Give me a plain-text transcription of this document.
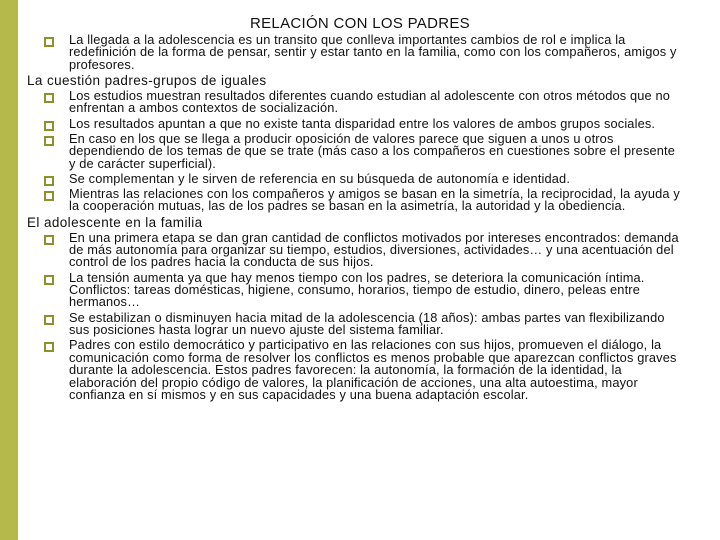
RELACIÓN CON LOS PADRES
La llegada a la adolescencia es un transito que conlleva importantes cambios de rol e implica la redefinición de la forma de pensar, sentir y estar tanto en la familia, como con los compañeros, amigos y profesores.
La cuestión padres-grupos de iguales
Los estudios muestran resultados diferentes cuando estudian al adolescente con otros métodos que no enfrentan a ambos contextos de socialización.
Los resultados apuntan a que no existe tanta disparidad entre los valores de ambos grupos sociales.
En caso en los que se llega a producir oposición de valores parece que siguen a unos u otros dependiendo de los temas de que se trate (más caso a los compañeros en cuestiones sobre el presente y de carácter superficial).
Se complementan y le sirven de referencia en su búsqueda de autonomía e identidad.
Mientras las relaciones con los compañeros y amigos se basan en la simetría, la reciprocidad, la ayuda y la cooperación mutuas, las de los padres se basan en la asimetría, la autoridad y la obediencia.
El adolescente en la familia
En una primera etapa se dan gran cantidad de conflictos motivados por intereses encontrados: demanda de más autonomía para organizar su tiempo, estudios, diversiones, actividades… y una acentuación del control de los padres hacia la conducta de sus hijos.
La tensión aumenta ya que hay menos tiempo con los padres, se deteriora la comunicación íntima. Conflictos: tareas domésticas, higiene, consumo, horarios, tiempo de estudio, dinero, peleas entre hermanos…
Se estabilizan o disminuyen hacia mitad de la adolescencia (18 años): ambas partes van flexibilizando sus posiciones hasta lograr un nuevo ajuste del sistema familiar.
Padres con estilo democrático y participativo en las relaciones con sus hijos, promueven el diálogo, la comunicación como forma de resolver los conflictos es menos probable que aparezcan conflictos graves durante la adolescencia. Estos padres favorecen: la autonomía, la formación de la identidad, la elaboración del propio código de valores, la planificación de acciones, una alta autoestima, mayor confianza en sí mismos y en sus capacidades y una buena adaptación escolar.
